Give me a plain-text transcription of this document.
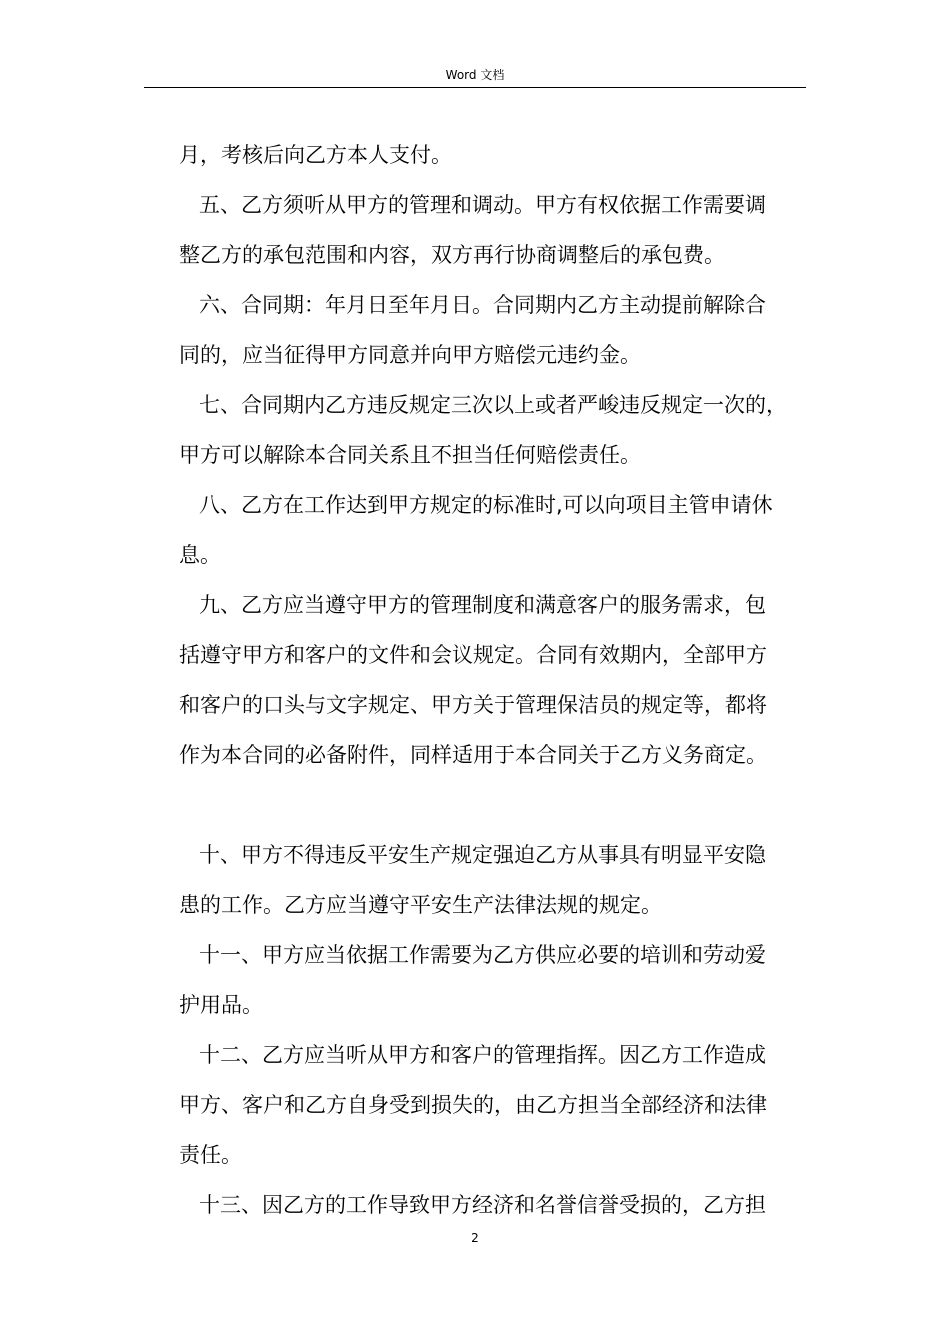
Word 文档
月，考核后向乙方本人支付。
五、乙方须听从甲方的管理和调动。甲方有权依据工作需要调
整乙方的承包范围和内容，双方再行协商调整后的承包费。
六、合同期：年月日至年月日。合同期内乙方主动提前解除合
同的，应当征得甲方同意并向甲方赔偿元违约金。
七、合同期内乙方违反规定三次以上或者严峻违反规定一次的，
甲方可以解除本合同关系且不担当任何赔偿责任。
八、乙方在工作达到甲方规定的标准时,可以向项目主管申请休
息。
九、乙方应当遵守甲方的管理制度和满意客户的服务需求，包
括遵守甲方和客户的文件和会议规定。合同有效期内，全部甲方
和客户的口头与文字规定、甲方关于管理保洁员的规定等，都将
作为本合同的必备附件，同样适用于本合同关于乙方义务商定。
十、甲方不得违反平安生产规定强迫乙方从事具有明显平安隐
患的工作。乙方应当遵守平安生产法律法规的规定。
十一、甲方应当依据工作需要为乙方供应必要的培训和劳动爱
护用品。
十二、乙方应当听从甲方和客户的管理指挥。因乙方工作造成
甲方、客户和乙方自身受到损失的，由乙方担当全部经济和法律
责任。
十三、因乙方的工作导致甲方经济和名誉信誉受损的，乙方担
2
